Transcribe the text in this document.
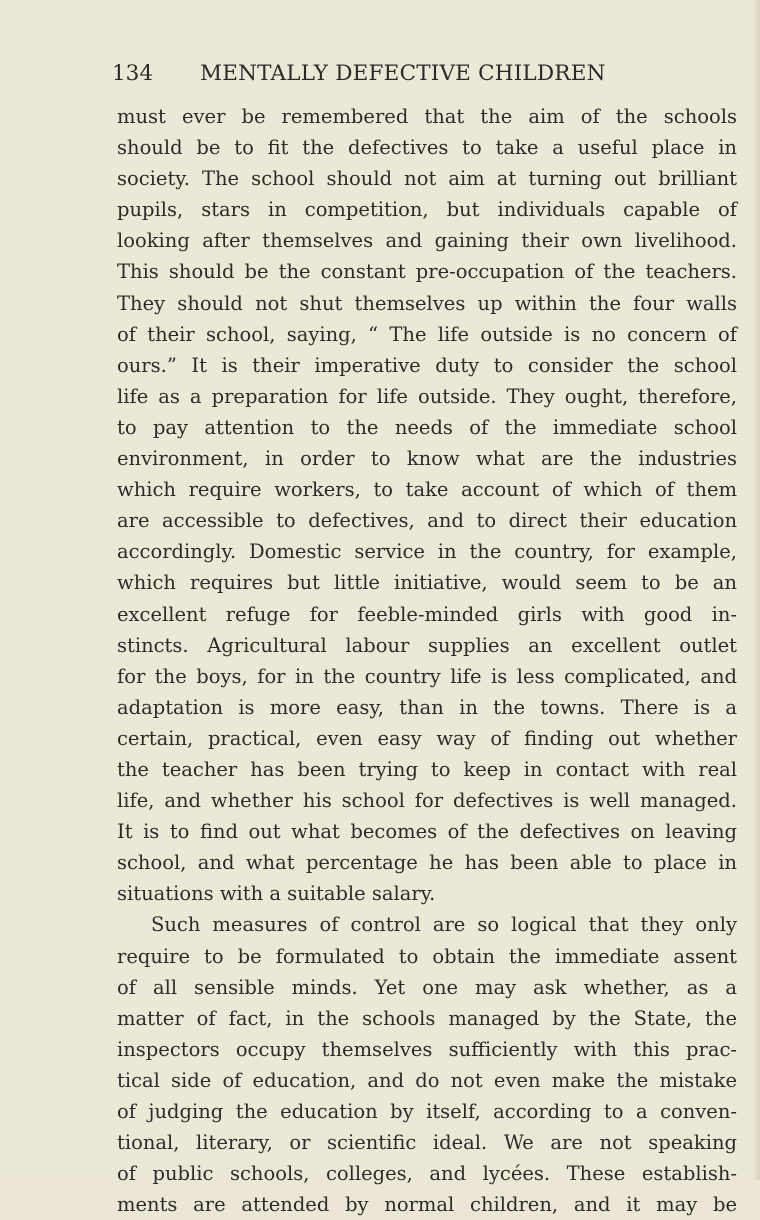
134 MENTALLY DEFECTIVE CHILDREN
must ever be remembered that the aim of the schools
should be to fit the defectives to take a useful place in
society. The school should not aim at turning out brilliant
pupils, stars in competition, but individuals capable of
looking after themselves and gaining their own livelihood.
This should be the constant pre-occupation of the teachers.
They should not shut themselves up within the four walls
of their school, saying, “ The life outside is no concern of
ours.” It is their imperative duty to consider the school
life as a preparation for life outside. They ought, therefore,
to pay attention to the needs of the immediate school
environment, in order to know what are the industries
which require workers, to take account of which of them
are accessible to defectives, and to direct their education
accordingly. Domestic service in the country, for example,
which requires but little initiative, would seem to be an
excellent refuge for feeble-minded girls with good in-
stincts. Agricultural labour supplies an excellent outlet
for the boys, for in the country life is less complicated, and
adaptation is more easy, than in the towns. There is a
certain, practical, even easy way of finding out whether
the teacher has been trying to keep in contact with real
life, and whether his school for defectives is well managed.
It is to find out what becomes of the defectives on leaving
school, and what percentage he has been able to place in
situations with a suitable salary.
Such measures of control are so logical that they only
require to be formulated to obtain the immediate assent
of all sensible minds. Yet one may ask whether, as a
matter of fact, in the schools managed by the State, the
inspectors occupy themselves sufficiently with this prac-
tical side of education, and do not even make the mistake
of judging the education by itself, according to a conven-
tional, literary, or scientific ideal. We are not speaking
of public schools, colleges, and lycées. These establish-
ments are attended by normal children, and it may be
